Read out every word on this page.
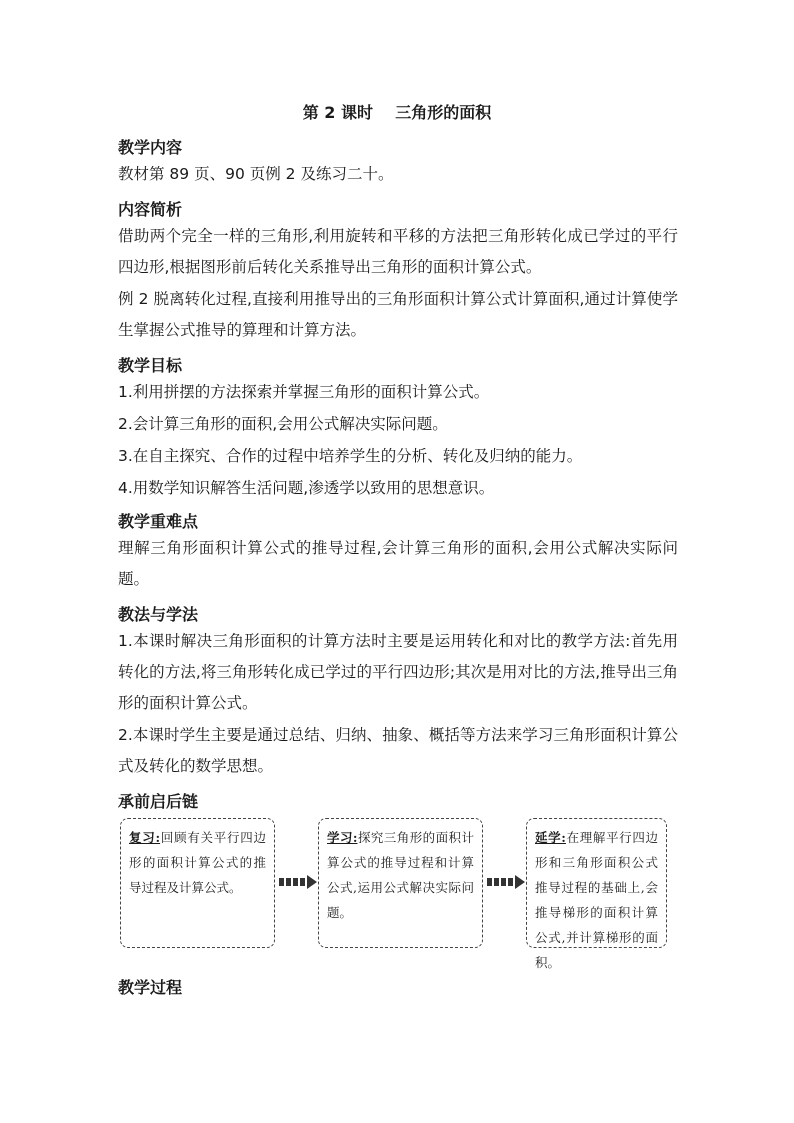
第 2 课时    三角形的面积
教学内容
教材第 89 页、90 页例 2 及练习二十。
内容简析
借助两个完全一样的三角形,利用旋转和平移的方法把三角形转化成已学过的平行四边形,根据图形前后转化关系推导出三角形的面积计算公式。
例 2 脱离转化过程,直接利用推导出的三角形面积计算公式计算面积,通过计算使学生掌握公式推导的算理和计算方法。
教学目标
1.利用拼摆的方法探索并掌握三角形的面积计算公式。
2.会计算三角形的面积,会用公式解决实际问题。
3.在自主探究、合作的过程中培养学生的分析、转化及归纳的能力。
4.用数学知识解答生活问题,渗透学以致用的思想意识。
教学重难点
理解三角形面积计算公式的推导过程,会计算三角形的面积,会用公式解决实际问题。
教法与学法
1.本课时解决三角形面积的计算方法时主要是运用转化和对比的教学方法:首先用转化的方法,将三角形转化成已学过的平行四边形;其次是用对比的方法,推导出三角形的面积计算公式。
2.本课时学生主要是通过总结、归纳、抽象、概括等方法来学习三角形面积计算公式及转化的数学思想。
承前启后链
复习:回顾有关平行四边形的面积计算公式的推导过程及计算公式。
学习:探究三角形的面积计算公式的推导过程和计算公式,运用公式解决实际问题。
延学:在理解平行四边形和三角形面积公式推导过程的基础上,会推导梯形的面积计算公式,并计算梯形的面积。
教学过程
